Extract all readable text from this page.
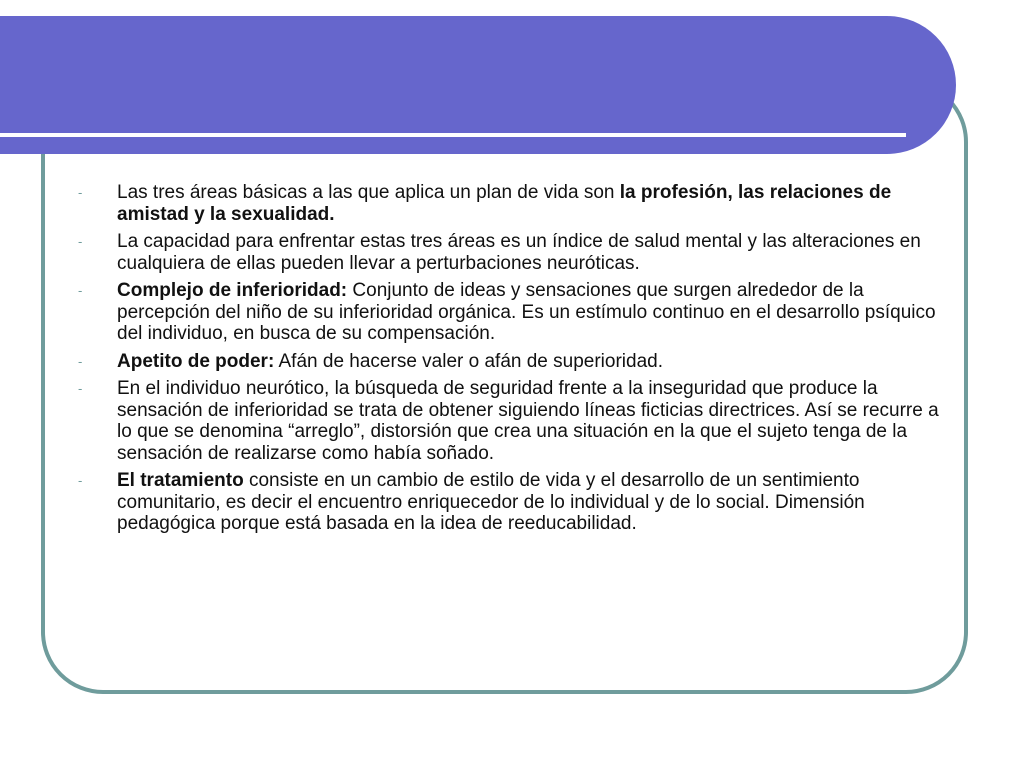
- Las tres áreas básicas a las que aplica un plan de vida son la profesión, las relaciones de amistad y la sexualidad.
- La capacidad para enfrentar estas tres áreas es un índice de salud mental y las alteraciones en cualquiera de ellas pueden llevar a perturbaciones neuróticas.
- Complejo de inferioridad: Conjunto de ideas y sensaciones que surgen alrededor de la percepción del niño de su inferioridad orgánica. Es un estímulo continuo en el desarrollo psíquico del individuo, en busca de su compensación.
- Apetito de poder: Afán de hacerse valer o afán de superioridad.
- En el individuo neurótico, la búsqueda de seguridad frente a la inseguridad que produce la sensación de inferioridad se trata de obtener siguiendo líneas ficticias directrices. Así se recurre a lo que se denomina “arreglo”, distorsión que crea una situación en la que el sujeto tenga de la sensación de realizarse como había soñado.
- El tratamiento consiste en un cambio de estilo de vida y el desarrollo de un sentimiento comunitario, es decir el encuentro enriquecedor de lo individual y de lo social. Dimensión pedagógica porque está basada en la idea de reeducabilidad.
